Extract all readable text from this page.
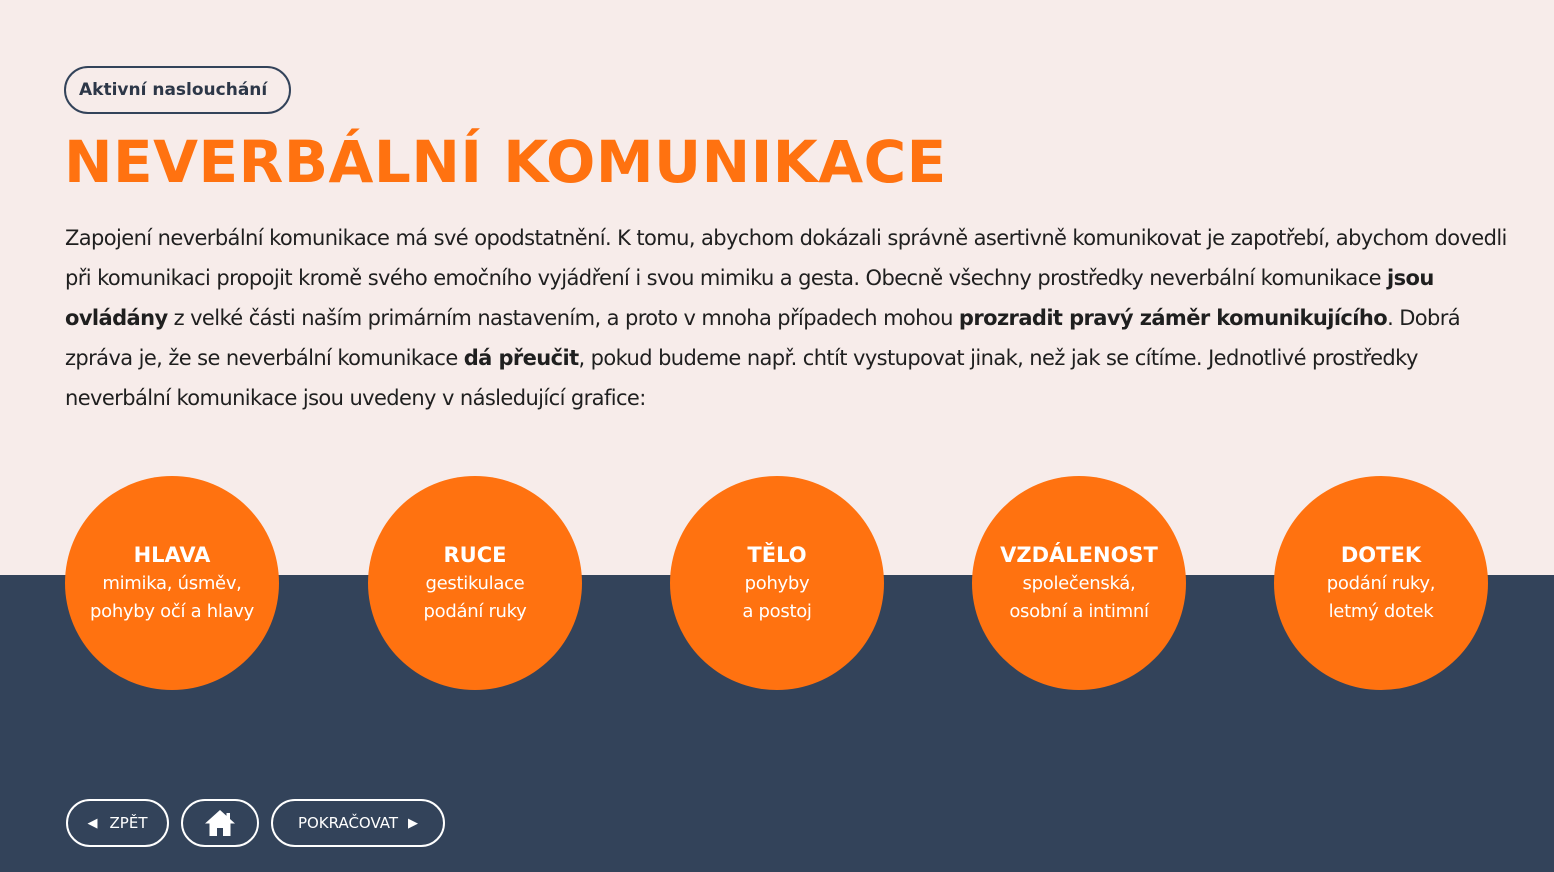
Aktivní naslouchání
NEVERBÁLNÍ KOMUNIKACE

Zapojení neverbální komunikace má své opodstatnění. K tomu, abychom dokázali správně asertivně komunikovat je zapotřebí, abychom dovedli při komunikaci propojit kromě svého emočního vyjádření i svou mimiku a gesta. Obecně všechny prostředky neverbální komunikace jsou ovládány z velké části naším primárním nastavením, a proto v mnoha případech mohou prozradit pravý záměr komunikujícího. Dobrá zpráva je, že se neverbální komunikace dá přeučit, pokud budeme např. chtít vystupovat jinak, než jak se cítíme. Jednotlivé prostředky neverbální komunikace jsou uvedeny v následující grafice:

HLAVA
mimika, úsměv,
pohyby očí a hlavy
RUCE
gestikulace
podání ruky
TĚLO
pohyby
a postoj
VZDÁLENOST
společenská,
osobní a intimní
DOTEK
podání ruky,
letmý dotek
◀ ZPĚT	POKRAČOVAT ▶
